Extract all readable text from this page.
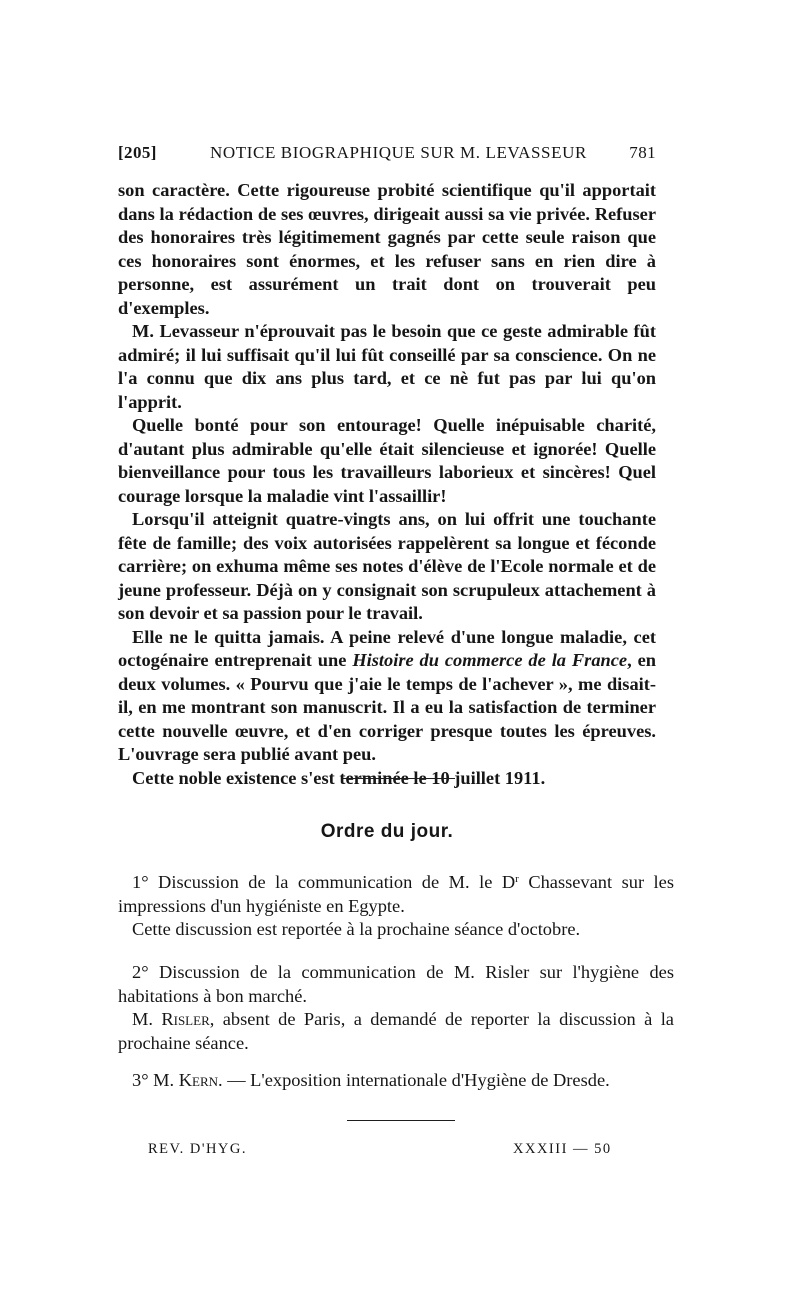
[205]	NOTICE BIOGRAPHIQUE SUR M. LEVASSEUR 781

son caractère. Cette rigoureuse probité scientifique qu'il apportait dans la rédaction de ses œuvres, dirigeait aussi sa vie privée. Refuser des honoraires très légitimement gagnés par cette seule raison que ces honoraires sont énormes, et les refuser sans en rien dire à personne, est assurément un trait dont on trouverait peu d'exemples.

M. Levasseur n'éprouvait pas le besoin que ce geste admirable fût admiré; il lui suffisait qu'il lui fût conseillé par sa conscience. On ne l'a connu que dix ans plus tard, et ce nè fut pas par lui qu'on l'apprit.

Quelle bonté pour son entourage! Quelle inépuisable charité, d'autant plus admirable qu'elle était silencieuse et ignorée! Quelle bienveillance pour tous les travailleurs laborieux et sincères! Quel courage lorsque la maladie vint l'assaillir!

Lorsqu'il atteignit quatre-vingts ans, on lui offrit une touchante fête de famille; des voix autorisées rappelèrent sa longue et féconde carrière; on exhuma même ses notes d'élève de l'Ecole normale et de jeune professeur. Déjà on y consignait son scrupuleux attachement à son devoir et sa passion pour le travail.

Elle ne le quitta jamais. A peine relevé d'une longue maladie, cet octogénaire entreprenait une Histoire du commerce de la France, en deux volumes. « Pourvu que j'aie le temps de l'achever », me disait-il, en me montrant son manuscrit. Il a eu la satisfaction de terminer cette nouvelle œuvre, et d'en corriger presque toutes les épreuves. L'ouvrage sera publié avant peu.

Cette noble existence s'est terminée le 10 juillet 1911.

Ordre du jour.

1° Discussion de la communication de M. le $D^r$ Chassevant sur les impressions d'un hygiéniste en Egypte.

Cette discussion est reportée à la prochaine séance d'octobre.

2° Discussion de la communication de M. Risler sur l'hygiène des habitations à bon marché.

M. Risler, absent de Paris, a demandé de reporter la discussion à la prochaine séance.

3° M. Kern. — L'exposition internationale d'Hygiène de Dresde.

REV. D'HYG.	XXXIII — 50
